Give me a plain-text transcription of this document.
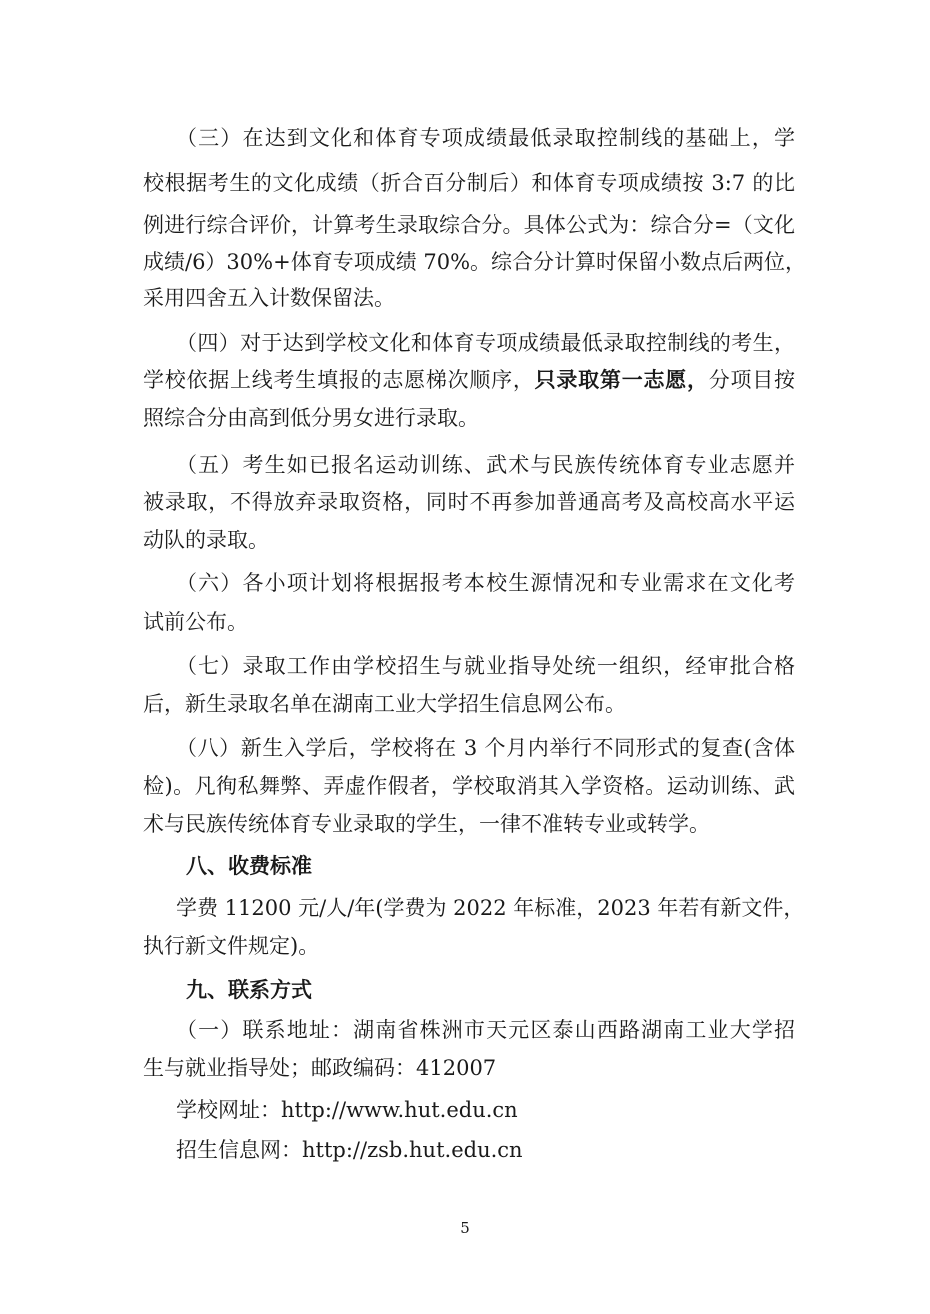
（三）在达到文化和体育专项成绩最低录取控制线的基础上，学
校根据考生的文化成绩（折合百分制后）和体育专项成绩按 3:7 的比
例进行综合评价，计算考生录取综合分。具体公式为：综合分=（文化
成绩/6）30%+体育专项成绩 70%。综合分计算时保留小数点后两位，
采用四舍五入计数保留法。
（四）对于达到学校文化和体育专项成绩最低录取控制线的考生，
学校依据上线考生填报的志愿梯次顺序，只录取第一志愿，分项目按
照综合分由高到低分男女进行录取。
（五）考生如已报名运动训练、武术与民族传统体育专业志愿并
被录取，不得放弃录取资格，同时不再参加普通高考及高校高水平运
动队的录取。
（六）各小项计划将根据报考本校生源情况和专业需求在文化考
试前公布。
（七）录取工作由学校招生与就业指导处统一组织，经审批合格
后，新生录取名单在湖南工业大学招生信息网公布。
（八）新生入学后，学校将在 3 个月内举行不同形式的复查(含体
检)。凡徇私舞弊、弄虚作假者，学校取消其入学资格。运动训练、武
术与民族传统体育专业录取的学生，一律不准转专业或转学。
八、收费标准
学费 11200 元/人/年(学费为 2022 年标准，2023 年若有新文件，
执行新文件规定)。
九、联系方式
（一）联系地址：湖南省株洲市天元区泰山西路湖南工业大学招
生与就业指导处；邮政编码：412007
学校网址：http://www.hut.edu.cn
招生信息网：http://zsb.hut.edu.cn
5
